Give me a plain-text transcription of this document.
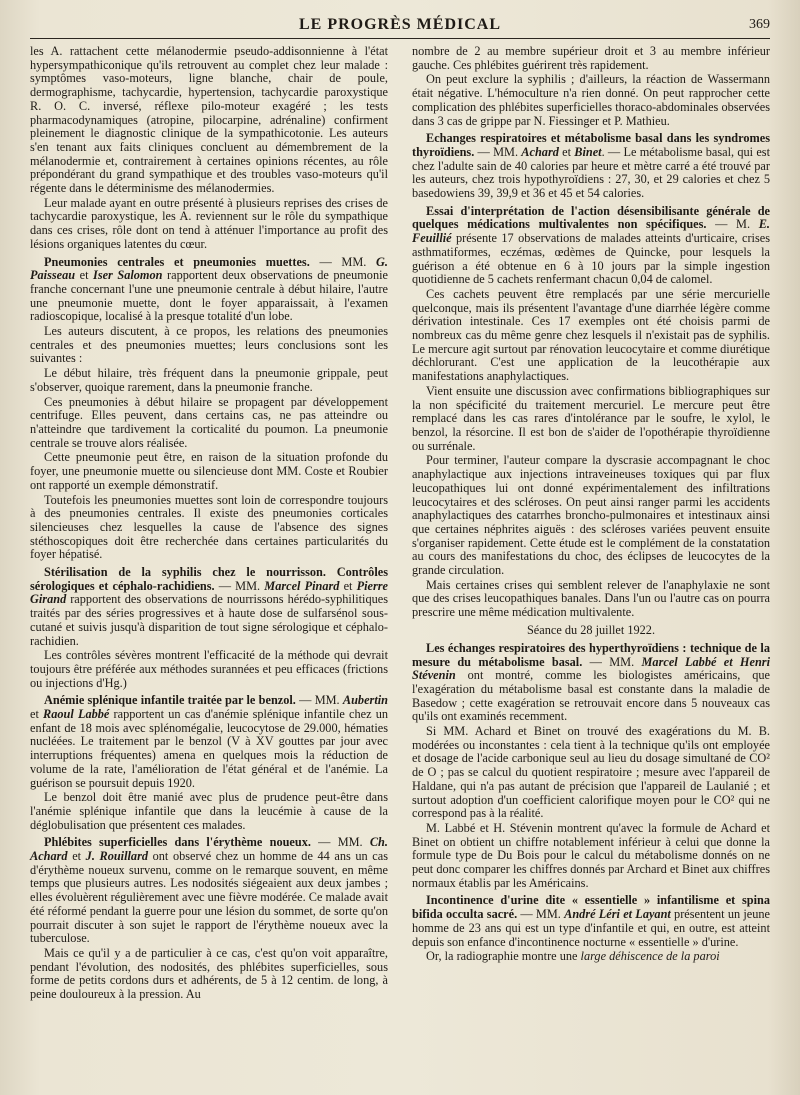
LE PROGRÈS MÉDICAL	369

les A. rattachent cette mélanodermie pseudo-addisonnienne à l'état hypersympathiconique qu'ils retrouvent au complet chez leur malade : symptômes vaso-moteurs, ligne blanche, chair de poule, dermographisme, tachycardie, hypertension, tachycardie paroxystique R. O. C. inversé, réflexe pilo-moteur exagéré ; les tests pharmacodynamiques (atropine, pilocarpine, adrénaline) confirment pleinement le diagnostic clinique de la sympathicotonie. Les auteurs s'en tenant aux faits cliniques concluent au démembrement de la mélanodermie et, contrairement à certaines opinions récentes, au rôle prépondérant du grand sympathique et des troubles vaso-moteurs qu'il régente dans le déterminisme des mélanodermies.

Leur malade ayant en outre présenté à plusieurs reprises des crises de tachycardie paroxystique, les A. reviennent sur le rôle du sympathique dans ces crises, rôle dont on tend à atténuer l'importance au profit des lésions organiques latentes du cœur.

Pneumonies centrales et pneumonies muettes. — MM. G. Paisseau et Iser Salomon rapportent deux observations de pneumonie franche concernant l'une une pneumonie centrale à début hilaire, l'autre une pneumonie muette, dont le foyer apparaissait, à l'examen radioscopique, localisé à la presque totalité d'un lobe.

Les auteurs discutent, à ce propos, les relations des pneumonies centrales et des pneumonies muettes; leurs conclusions sont les suivantes :

Le début hilaire, très fréquent dans la pneumonie grippale, peut s'observer, quoique rarement, dans la pneumonie franche.

Ces pneumonies à début hilaire se propagent par développement centrifuge. Elles peuvent, dans certains cas, ne pas atteindre ou n'atteindre que tardivement la corticalité du poumon. La pneumonie centrale se trouve alors réalisée.

Cette pneumonie peut être, en raison de la situation profonde du foyer, une pneumonie muette ou silencieuse dont MM. Coste et Roubier ont rapporté un exemple démonstratif.

Toutefois les pneumonies muettes sont loin de correspondre toujours à des pneumonies centrales. Il existe des pneumonies corticales silencieuses chez lesquelles la cause de l'absence des signes stéthoscopiques doit être recherchée dans certaines particularités du foyer hépatisé.

Stérilisation de la syphilis chez le nourrisson. Contrôles sérologiques et céphalo-rachidiens. — MM. Marcel Pinard et Pierre Girand rapportent des observations de nourrissons hérédo-syphilitiques traités par des séries progressives et à haute dose de sulfarsénol sous-cutané et suivis jusqu'à disparition de tout signe sérologique et céphalo-rachidien.

Les contrôles sévères montrent l'efficacité de la méthode qui devrait toujours être préférée aux méthodes surannées et peu efficaces (frictions ou injections d'Hg.)

Anémie splénique infantile traitée par le benzol. — MM. Aubertin et Raoul Labbé rapportent un cas d'anémie splénique infantile chez un enfant de 18 mois avec splénomégalie, leucocytose de 29.000, hématies nucléées. Le traitement par le benzol (V à XV gouttes par jour avec interruptions fréquentes) amena en quelques mois la réduction de volume de la rate, l'amélioration de l'état général et de l'anémie. La guérison se poursuit depuis 1920.

Le benzol doit être manié avec plus de prudence peut-être dans l'anémie splénique infantile que dans la leucémie à cause de la déglobulisation que présentent ces malades.

Phlébites superficielles dans l'érythème noueux. — MM. Ch. Achard et J. Rouillard ont observé chez un homme de 44 ans un cas d'érythème noueux survenu, comme on le remarque souvent, en même temps que plusieurs autres. Les nodosités siégeaient aux deux jambes ; elles évoluèrent régulièrement avec une fièvre modérée. Ce malade avait été réformé pendant la guerre pour une lésion du sommet, de sorte qu'on pourrait discuter à son sujet le rapport de l'érythème noueux avec la tuberculose.

Mais ce qu'il y a de particulier à ce cas, c'est qu'on voit apparaître, pendant l'évolution, des nodosités, des phlébites superficielles, sous forme de petits cordons durs et adhérents, de 5 à 12 centim. de long, à peine douloureux à la pression. Au

nombre de 2 au membre supérieur droit et 3 au membre inférieur gauche. Ces phlébites guérirent très rapidement.

On peut exclure la syphilis ; d'ailleurs, la réaction de Wassermann était négative. L'hémoculture n'a rien donné. On peut rapprocher cette complication des phlébites superficielles thoraco-abdominales observées dans 3 cas de grippe par N. Fiessinger et P. Mathieu.

Echanges respiratoires et métabolisme basal dans les syndromes thyroïdiens. — MM. Achard et Binet. — Le métabolisme basal, qui est chez l'adulte sain de 40 calories par heure et mètre carré a été trouvé par les auteurs, chez trois hypothyroïdiens : 27, 30, et 29 calories et chez 5 basedowiens 39, 39,9 et 36 et 45 et 54 calories.

Essai d'interprétation de l'action désensibilisante générale de quelques médications multivalentes non spécifiques. — M. E. Feuillié présente 17 observations de malades atteints d'urticaire, crises asthmatiformes, eczémas, œdèmes de Quincke, pour lesquels la guérison a été obtenue en 6 à 10 jours par la simple ingestion quotidienne de 5 cachets renfermant chacun 0,04 de calomel.

Ces cachets peuvent être remplacés par une série mercurielle quelconque, mais ils présentent l'avantage d'une diarrhée légère comme dérivation intestinale. Ces 17 exemples ont été choisis parmi de nombreux cas du même genre chez lesquels il n'existait pas de syphilis. Le mercure agit surtout par rénovation leucocytaire et comme diurétique déchlorurant. C'est une application de la leucothérapie aux manifestations anaphylactiques.

Vient ensuite une discussion avec confirmations bibliographiques sur la non spécificité du traitement mercuriel. Le mercure peut être remplacé dans les cas rares d'intolérance par le soufre, le xylol, le benzol, la résorcine. Il est bon de s'aider de l'opothérapie thyroïdienne ou surrénale.

Pour terminer, l'auteur compare la dyscrasie accompagnant le choc anaphylactique aux injections intraveineuses toxiques qui par flux leucopathiques lui ont donné expérimentalement des infiltrations leucocytaires et des scléroses. On peut ainsi ranger parmi les accidents anaphylactiques des catarrhes broncho-pulmonaires et intestinaux ainsi que certaines néphrites aiguës : des scléroses variées peuvent ensuite s'organiser rapidement. Cette étude est le complément de la constatation au cours des manifestations du choc, des éclipses de leucocytes de la grande circulation.

Mais certaines crises qui semblent relever de l'anaphylaxie ne sont que des crises leucopathiques banales. Dans l'un ou l'autre cas on pourra prescrire une même médication multivalente.

Séance du 28 juillet 1922.

Les échanges respiratoires des hyperthyroïdiens : technique de la mesure du métabolisme basal. — MM. Marcel Labbé et Henri Stévenin ont montré, comme les biologistes américains, que l'exagération du métabolisme basal est constante dans la maladie de Basedow ; cette exagération se retrouvait encore dans 5 nouveaux cas qu'ils ont examinés recemment.

Si MM. Achard et Binet on trouvé des exagérations du M. B. modérées ou inconstantes : cela tient à la technique qu'ils ont employée et dosage de l'acide carbonique seul au lieu du dosage simultané de CO² de O ; pas se calcul du quotient respiratoire ; mesure avec l'appareil de Haldane, qui n'a pas autant de précision que l'appareil de Laulanié ; et surtout adoption d'un coefficient calorifique moyen pour le CO² qui ne correspond pas à la réalité.

M. Labbé et H. Stévenin montrent qu'avec la formule de Achard et Binet on obtient un chiffre notablement inférieur à celui que donne la formule type de Du Bois pour le calcul du métabolisme donnés on ne peut donc comparer les chiffres donnés par Archard et Binet aux chiffres normaux établis par les Américains.

Incontinence d'urine dite « essentielle » infantilisme et spina bifida occulta sacré. — MM. André Léri et Layant présentent un jeune homme de 23 ans qui est un type d'infantile et qui, en outre, est atteint depuis son enfance d'incontinence nocturne « essentielle » d'urine.

Or, la radiographie montre une large déhiscence de la paroi
